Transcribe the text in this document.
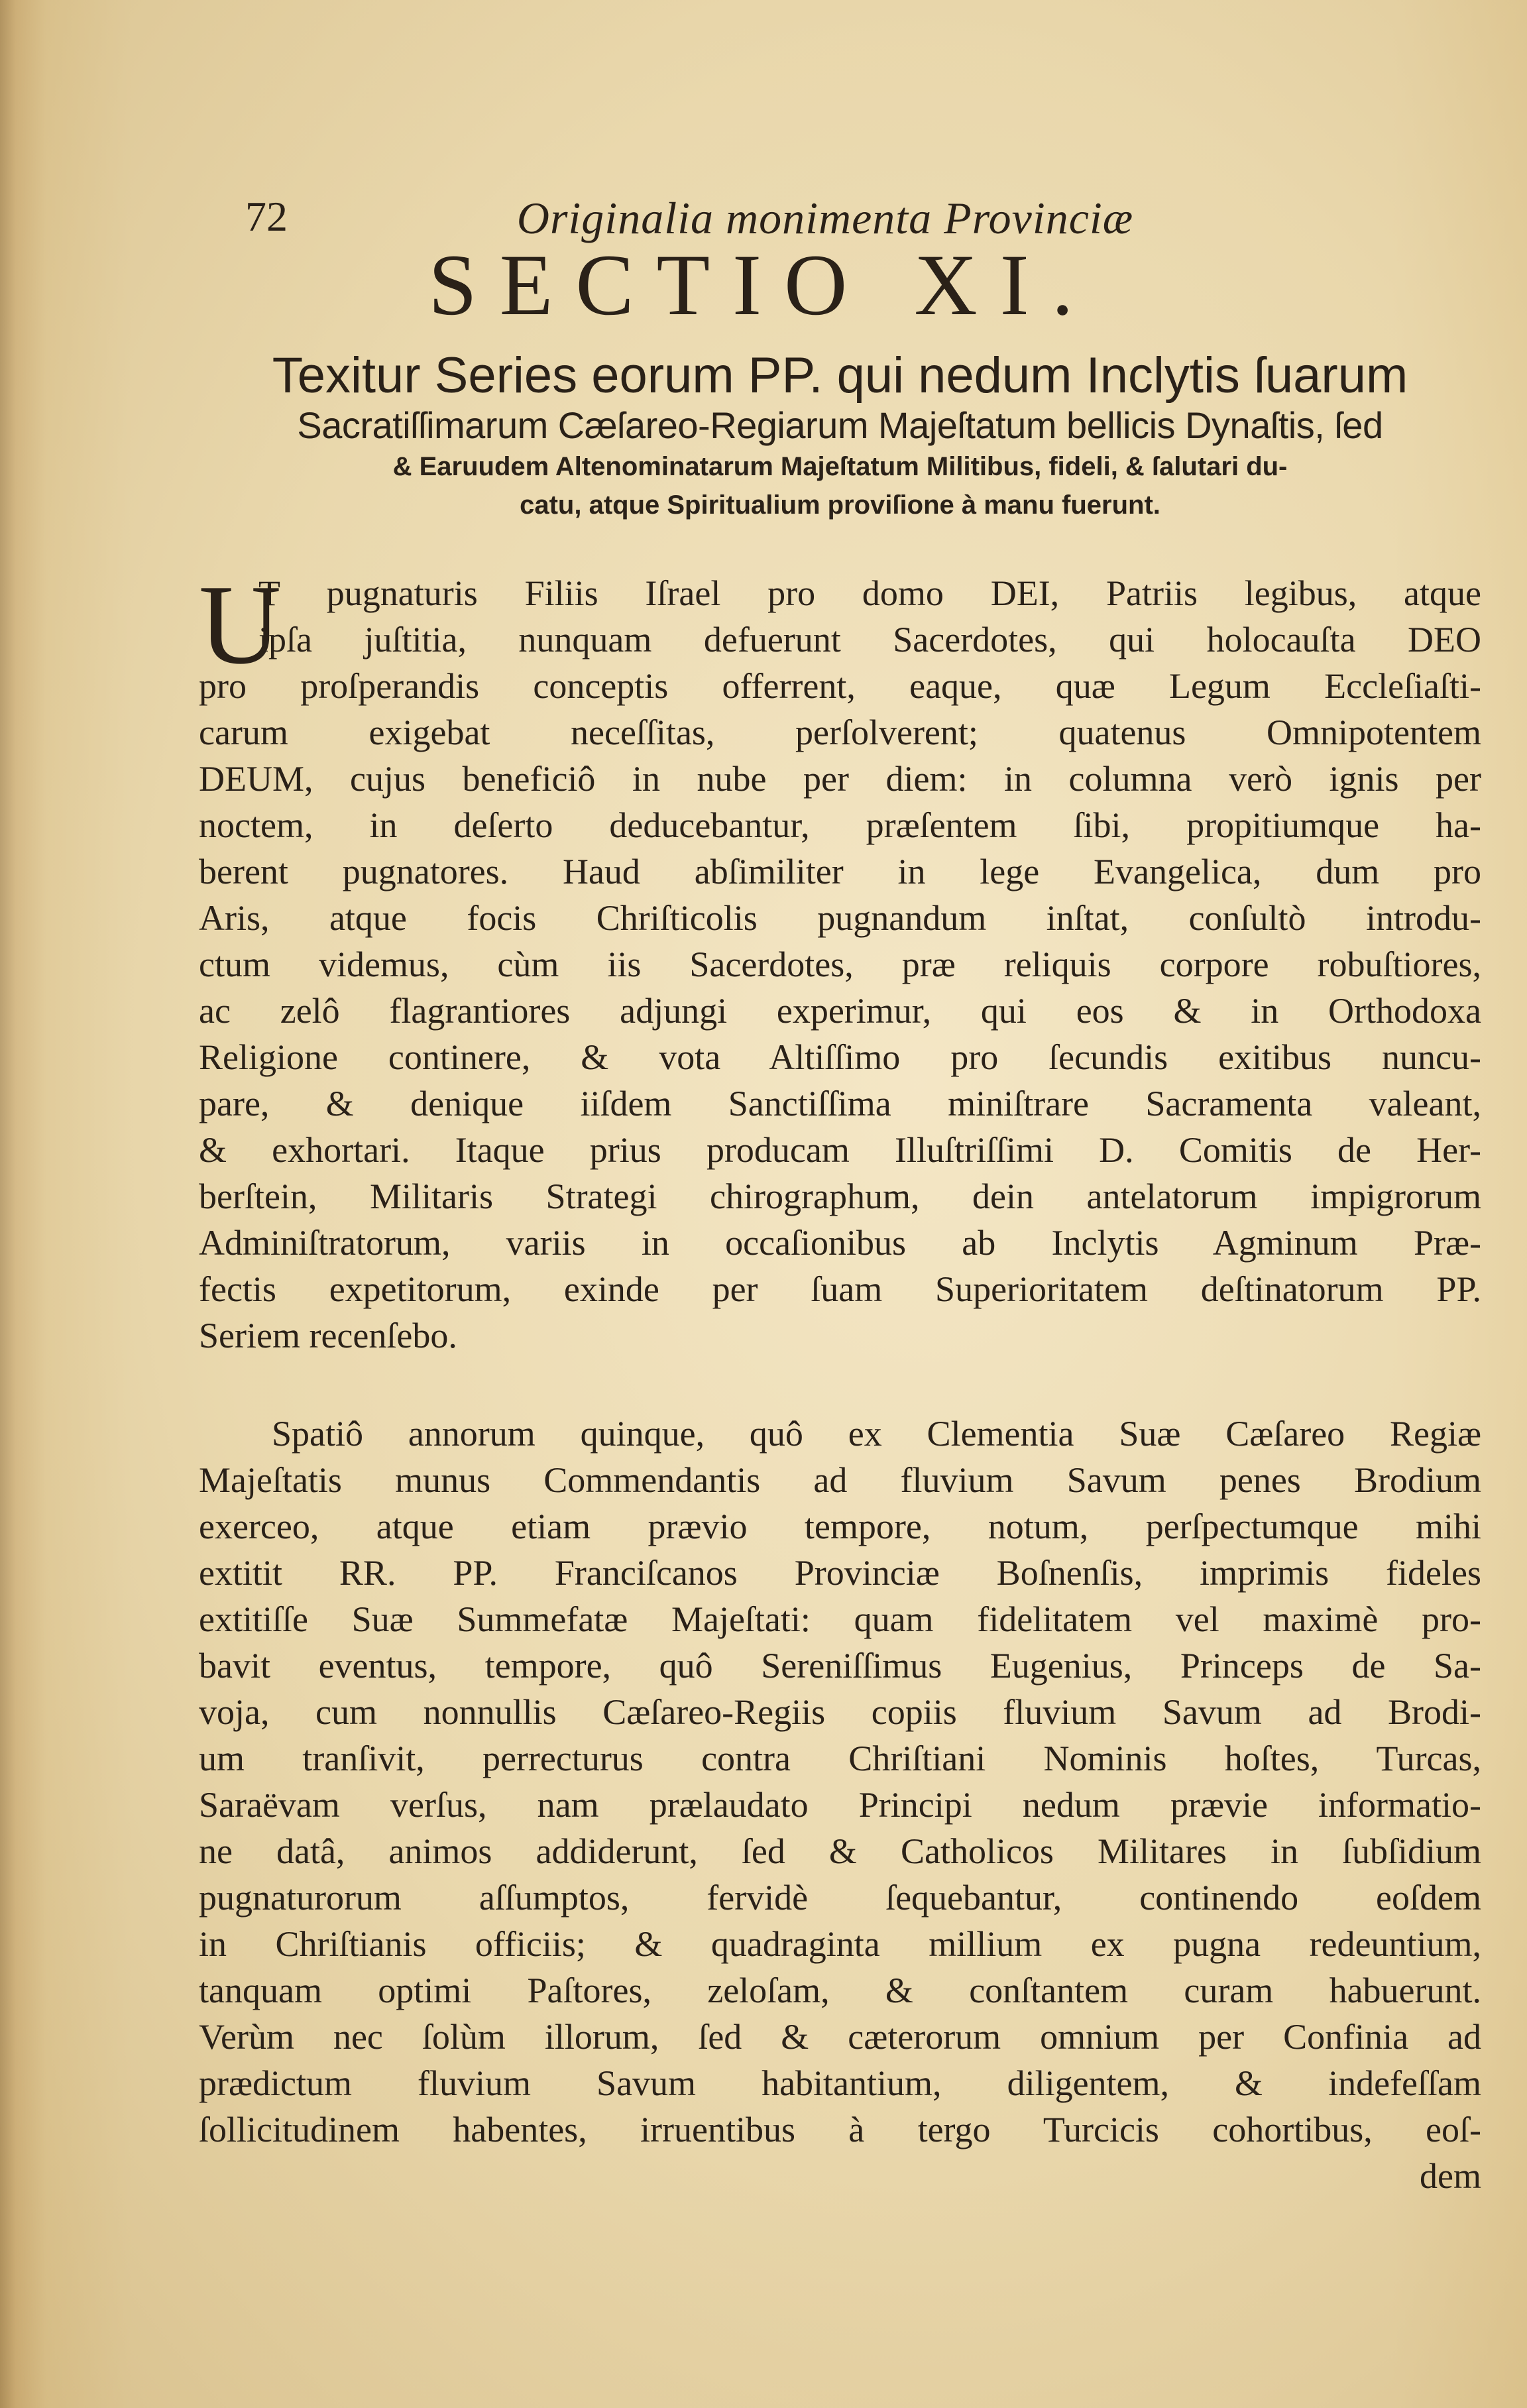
72	Originalia monimenta Provinciæ
SECTIO XI.
Texitur Series eorum PP. qui nedum Inclytis ſuarum
Sacratiſſimarum Cæſareo-Regiarum Majeſtatum bellicis Dynaſtis, ſed
& Earuudem Altenominatarum Majeſtatum Militibus, fideli, & ſalutari du-
catu, atque Spiritualium proviſione à manu fuerunt.
U
T pugnaturis Filiis Iſrael pro domo DEI, Patriis legibus, atque
ipſa juſtitia, nunquam defuerunt Sacerdotes, qui holocauſta DEO
pro proſperandis conceptis offerrent, eaque, quæ Legum Eccleſiaſti-
carum exigebat neceſſitas, perſolverent; quatenus Omnipotentem
DEUM, cujus beneficiô in nube per diem: in columna verò ignis per
noctem, in deſerto deducebantur, præſentem ſibi, propitiumque ha-
berent pugnatores. Haud abſimiliter in lege Evangelica, dum pro
Aris, atque focis Chriſticolis pugnandum inſtat, conſultò introdu-
ctum videmus, cùm iis Sacerdotes, præ reliquis corpore robuſtiores,
ac zelô flagrantiores adjungi experimur, qui eos & in Orthodoxa
Religione continere, & vota Altiſſimo pro ſecundis exitibus nuncu-
pare, & denique iiſdem Sanctiſſima miniſtrare Sacramenta valeant,
& exhortari. Itaque prius producam Illuſtriſſimi D. Comitis de Her-
berſtein, Militaris Strategi chirographum, dein antelatorum impigrorum
Adminiſtratorum, variis in occaſionibus ab Inclytis Agminum Præ-
fectis expetitorum, exinde per ſuam Superioritatem deſtinatorum PP.
Seriem recenſebo.
Spatiô annorum quinque, quô ex Clementia Suæ Cæſareo Regiæ
Majeſtatis munus Commendantis ad fluvium Savum penes Brodium
exerceo, atque etiam prævio tempore, notum, perſpectumque mihi
extitit RR. PP. Franciſcanos Provinciæ Boſnenſis, imprimis fideles
extitiſſe Suæ Summefatæ Majeſtati: quam fidelitatem vel maximè pro-
bavit eventus, tempore, quô Sereniſſimus Eugenius, Princeps de Sa-
voja, cum nonnullis Cæſareo-Regiis copiis fluvium Savum ad Brodi-
um tranſivit, perrecturus contra Chriſtiani Nominis hoſtes, Turcas,
Saraëvam verſus, nam prælaudato Principi nedum prævie informatio-
ne datâ, animos addiderunt, ſed & Catholicos Militares in ſubſidium
pugnaturorum aſſumptos, fervidè ſequebantur, continendo eoſdem
in Chriſtianis officiis; & quadraginta millium ex pugna redeuntium,
tanquam optimi Paſtores, zeloſam, & conſtantem curam habuerunt.
Verùm nec ſolùm illorum, ſed & cæterorum omnium per Confinia ad
prædictum fluvium Savum habitantium, diligentem, & indefeſſam
ſollicitudinem habentes, irruentibus à tergo Turcicis cohortibus, eoſ-
dem
